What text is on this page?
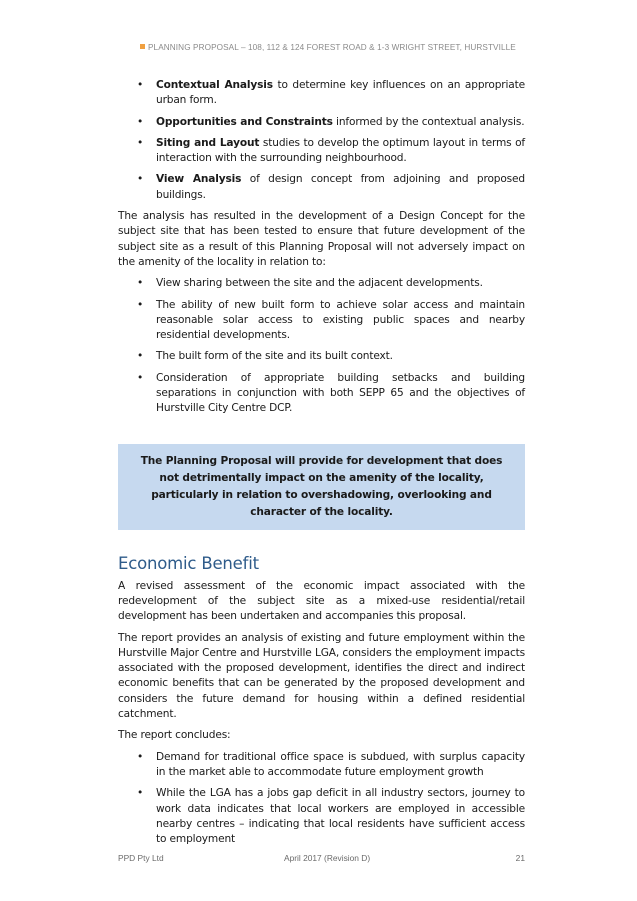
PLANNING PROPOSAL – 108, 112 & 124 FOREST ROAD & 1-3 WRIGHT STREET, HURSTVILLE
• Contextual Analysis to determine key influences on an appropriate urban form.
• Opportunities and Constraints informed by the contextual analysis.
• Siting and Layout studies to develop the optimum layout in terms of interaction with the surrounding neighbourhood.
• View Analysis of design concept from adjoining and proposed buildings.

The analysis has resulted in the development of a Design Concept for the subject site that has been tested to ensure that future development of the subject site as a result of this Planning Proposal will not adversely impact on the amenity of the locality in relation to:

• View sharing between the site and the adjacent developments.
• The ability of new built form to achieve solar access and maintain reasonable solar access to existing public spaces and nearby residential developments.
• The built form of the site and its built context.
• Consideration of appropriate building setbacks and building separations in conjunction with both SEPP 65 and the objectives of Hurstville City Centre DCP.
The Planning Proposal will provide for development that does not detrimentally impact on the amenity of the locality, particularly in relation to overshadowing, overlooking and character of the locality.
Economic Benefit

A revised assessment of the economic impact associated with the redevelopment of the subject site as a mixed-use residential/retail development has been undertaken and accompanies this proposal.

The report provides an analysis of existing and future employment within the Hurstville Major Centre and Hurstville LGA, considers the employment impacts associated with the proposed development, identifies the direct and indirect economic benefits that can be generated by the proposed development and considers the future demand for housing within a defined residential catchment.

The report concludes:

• Demand for traditional office space is subdued, with surplus capacity in the market able to accommodate future employment growth
• While the LGA has a jobs gap deficit in all industry sectors, journey to work data indicates that local workers are employed in accessible nearby centres – indicating that local residents have sufficient access to employment
PPD Pty Ltd	April 2017 (Revision D)	21
